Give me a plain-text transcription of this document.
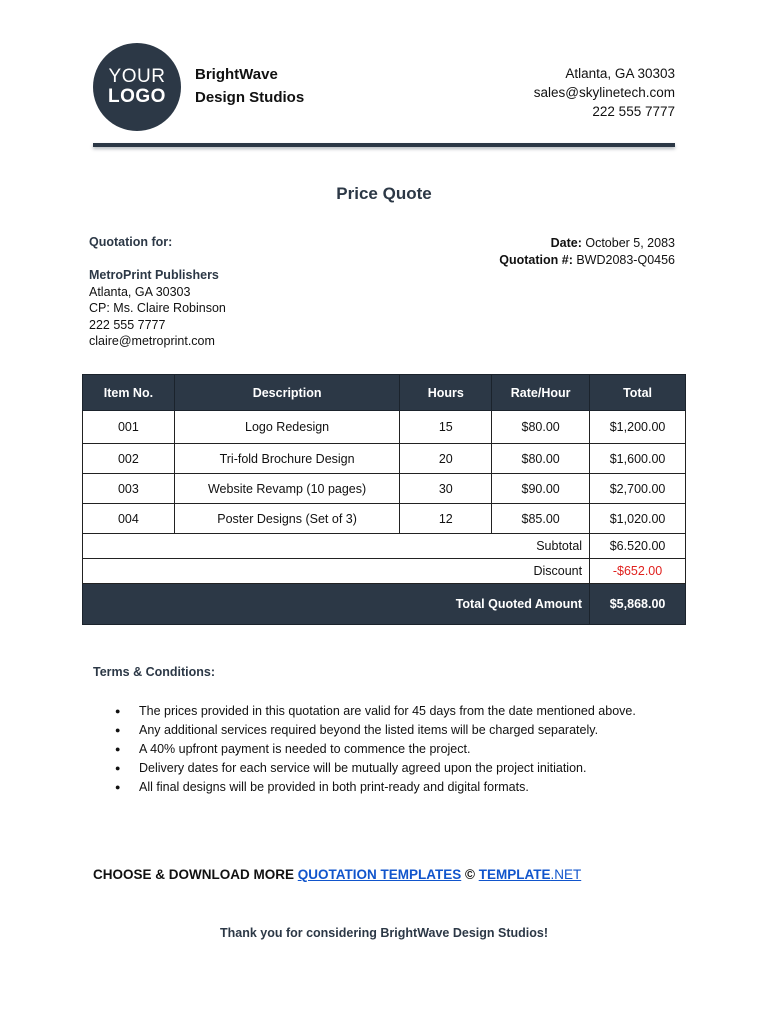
YOUR
LOGO
BrightWave
Design Studios
Atlanta, GA 30303
sales@skylinetech.com
222 555 7777
Price Quote
Quotation for:	Date: October 5, 2083
Quotation #: BWD2083-Q0456
MetroPrint Publishers
Atlanta, GA 30303
CP: Ms. Claire Robinson
222 555 7777
claire@metroprint.com
Item No.	Description	Hours	Rate/Hour	Total
001	Logo Redesign	15	$80.00	$1,200.00
002	Tri-fold Brochure Design	20	$80.00	$1,600.00
003	Website Revamp (10 pages)	30	$90.00	$2,700.00
004	Poster Designs (Set of 3)	12	$85.00	$1,020.00
Subtotal				$6.520.00
Discount				-$652.00
Total Quoted Amount				$5,868.00
Terms & Conditions:
● The prices provided in this quotation are valid for 45 days from the date mentioned above.
● Any additional services required beyond the listed items will be charged separately.
● A 40% upfront payment is needed to commence the project.
● Delivery dates for each service will be mutually agreed upon the project initiation.
● All final designs will be provided in both print-ready and digital formats.
CHOOSE & DOWNLOAD MORE QUOTATION TEMPLATES © TEMPLATE.NET
Thank you for considering BrightWave Design Studios!
